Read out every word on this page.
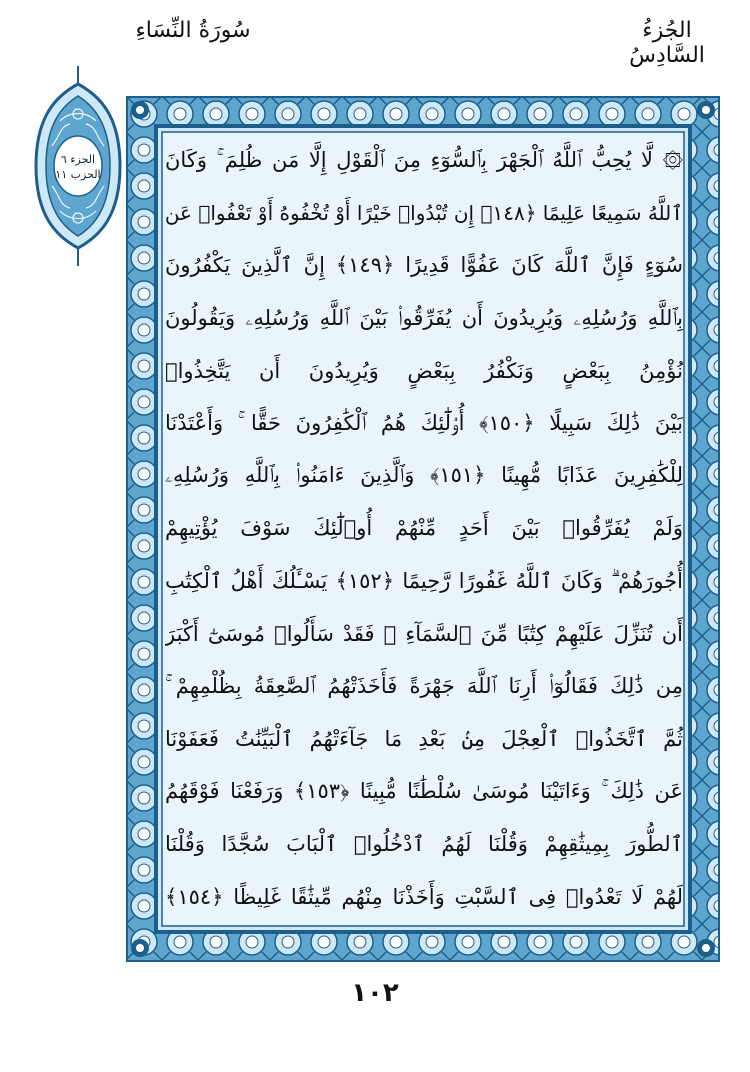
الجُزءُ السَّادِسُ
سُورَةُ النِّسَاءِ
الجزء ٦
الحزب ١١
۞ لَّا يُحِبُّ ٱللَّهُ ٱلْجَهْرَ بِٱلسُّوٓءِ مِنَ ٱلْقَوْلِ إِلَّا مَن ظُلِمَ ۚ وَكَانَ
ٱللَّهُ سَمِيعًا عَلِيمًا ﴿١٤٨﴾ إِن تُبْدُوا۟ خَيْرًا أَوْ تُخْفُوهُ أَوْ تَعْفُوا۟ عَن
سُوٓءٍ فَإِنَّ ٱللَّهَ كَانَ عَفُوًّا قَدِيرًا ﴿١٤٩﴾ إِنَّ ٱلَّذِينَ يَكْفُرُونَ
بِٱللَّهِ وَرُسُلِهِۦ وَيُرِيدُونَ أَن يُفَرِّقُوا۟ بَيْنَ ٱللَّهِ وَرُسُلِهِۦ وَيَقُولُونَ
نُؤْمِنُ بِبَعْضٍ وَنَكْفُرُ بِبَعْضٍ وَيُرِيدُونَ أَن يَتَّخِذُوا۟
بَيْنَ ذَٰلِكَ سَبِيلًا ﴿١٥٠﴾ أُو۟لَٰٓئِكَ هُمُ ٱلْكَٰفِرُونَ حَقًّا ۚ وَأَعْتَدْنَا
لِلْكَٰفِرِينَ عَذَابًا مُّهِينًا ﴿١٥١﴾ وَٱلَّذِينَ ءَامَنُوا۟ بِٱللَّهِ وَرُسُلِهِۦ
وَلَمْ يُفَرِّقُوا۟ بَيْنَ أَحَدٍ مِّنْهُمْ أُو۟لَٰٓئِكَ سَوْفَ يُؤْتِيهِمْ
أُجُورَهُمْ ۗ وَكَانَ ٱللَّهُ غَفُورًا رَّحِيمًا ﴿١٥٢﴾ يَسْـَٔلُكَ أَهْلُ ٱلْكِتَٰبِ
أَن تُنَزِّلَ عَلَيْهِمْ كِتَٰبًا مِّنَ ٱلسَّمَآءِ ۚ فَقَدْ سَأَلُوا۟ مُوسَىٰٓ أَكْبَرَ
مِن ذَٰلِكَ فَقَالُوٓا۟ أَرِنَا ٱللَّهَ جَهْرَةً فَأَخَذَتْهُمُ ٱلصَّٰعِقَةُ بِظُلْمِهِمْ ۚ
ثُمَّ ٱتَّخَذُوا۟ ٱلْعِجْلَ مِنۢ بَعْدِ مَا جَآءَتْهُمُ ٱلْبَيِّنَٰتُ فَعَفَوْنَا
عَن ذَٰلِكَ ۚ وَءَاتَيْنَا مُوسَىٰ سُلْطَٰنًا مُّبِينًا ﴿١٥٣﴾ وَرَفَعْنَا فَوْقَهُمُ
ٱلطُّورَ بِمِيثَٰقِهِمْ وَقُلْنَا لَهُمُ ٱدْخُلُوا۟ ٱلْبَابَ سُجَّدًا وَقُلْنَا
لَهُمْ لَا تَعْدُوا۟ فِى ٱلسَّبْتِ وَأَخَذْنَا مِنْهُم مِّيثَٰقًا غَلِيظًا ﴿١٥٤﴾
١٠٢
